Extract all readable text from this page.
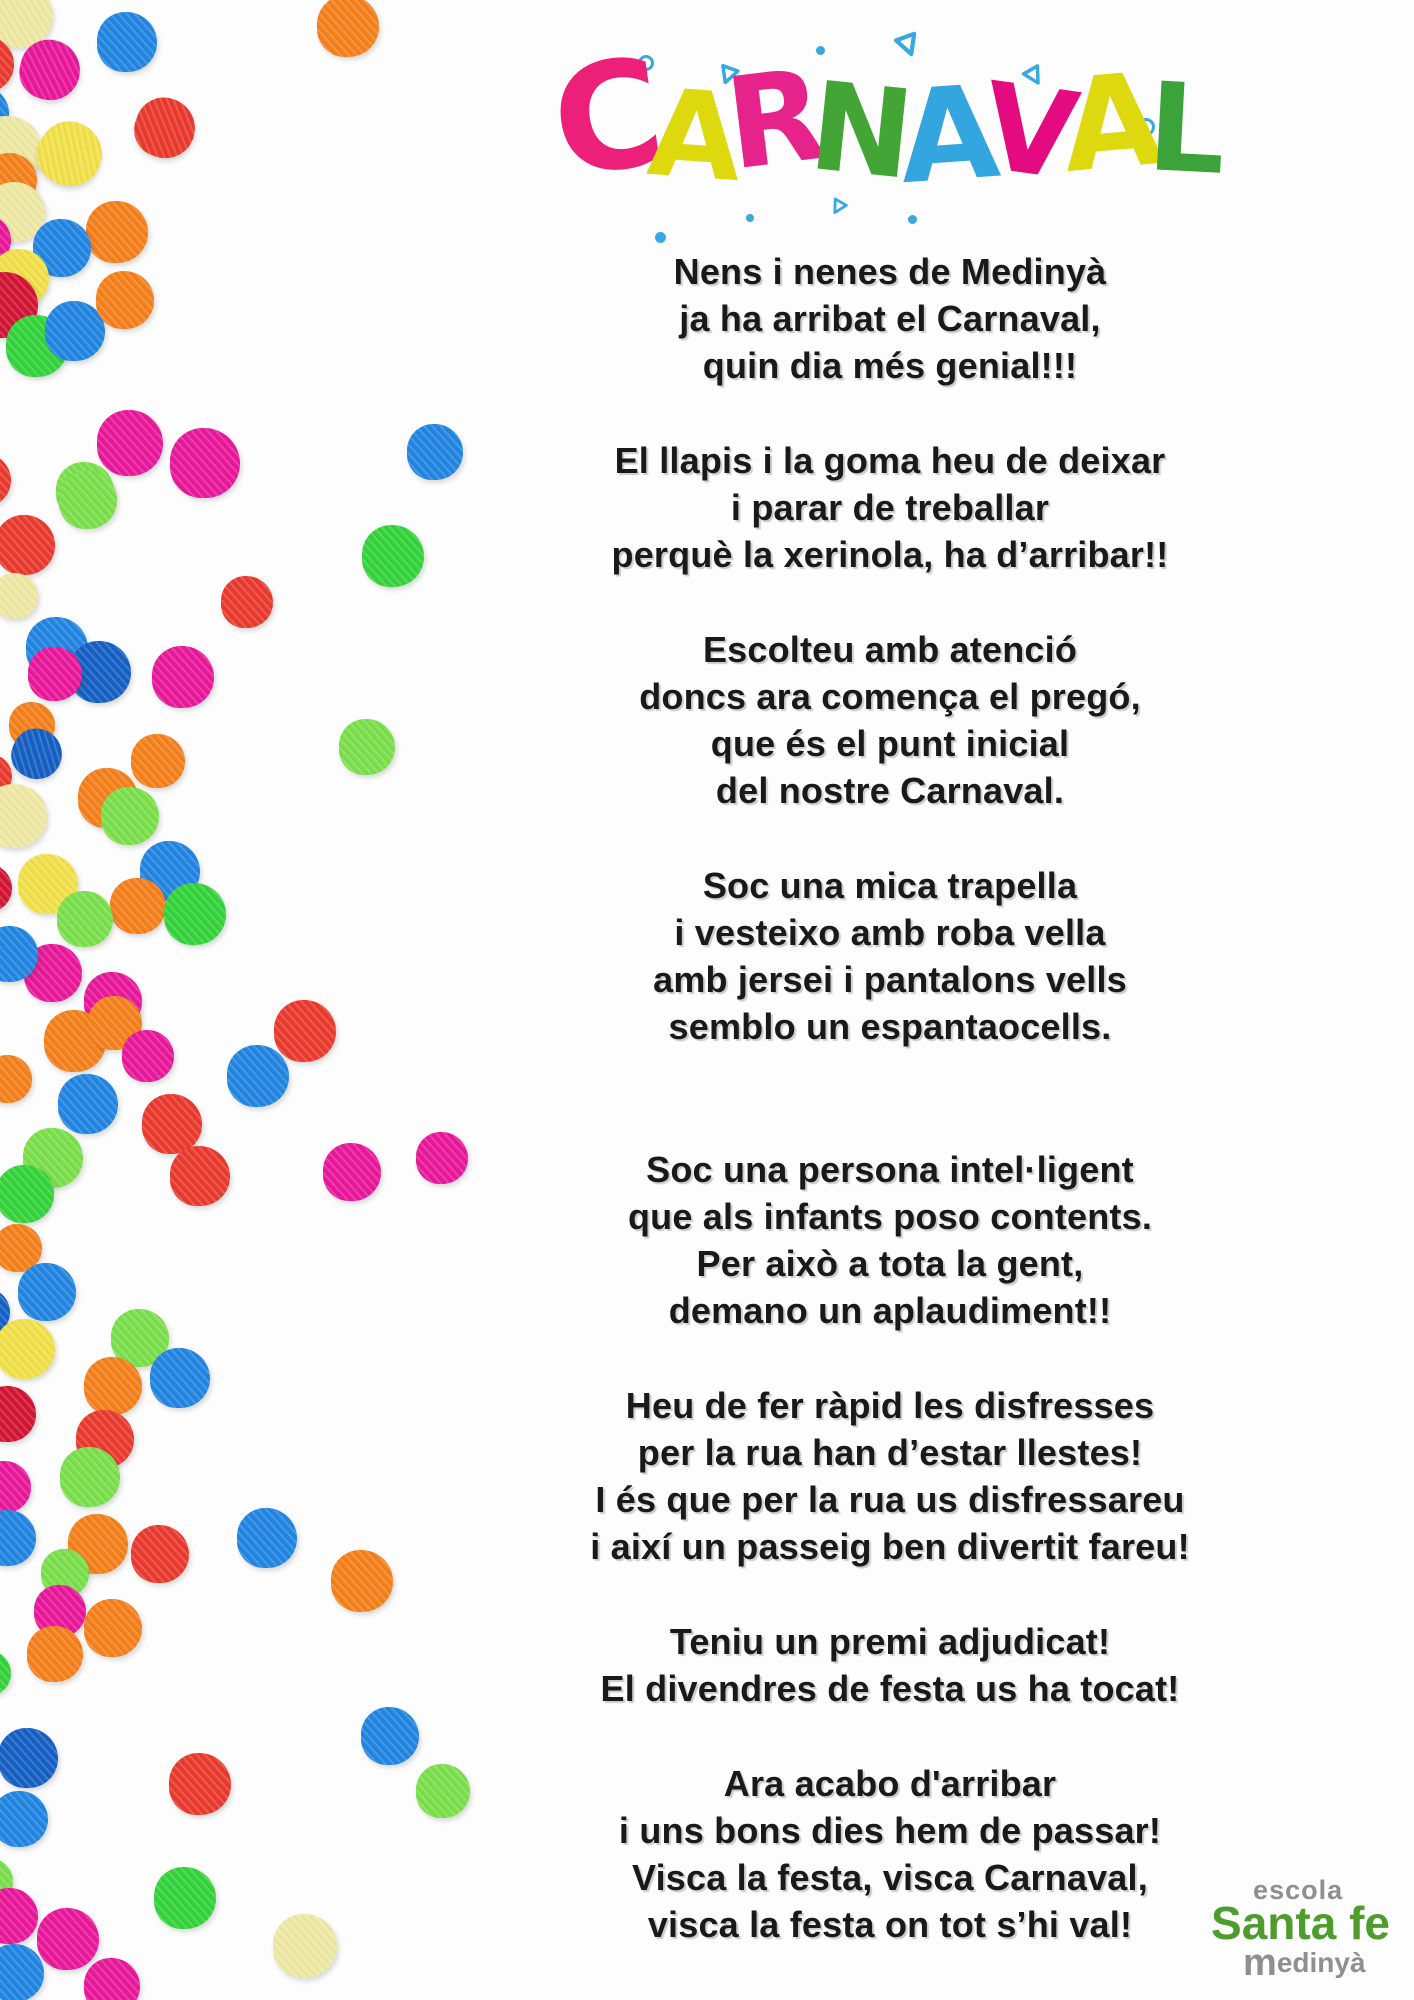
CARNAVAL
Nens i nenes de Medinyà
ja ha arribat el Carnaval,
quin dia més genial!!!
El llapis i la goma heu de deixar
i parar de treballar
perquè la xerinola, ha d’arribar!!
Escolteu amb atenció
doncs ara comença el pregó,
que és el punt inicial
del nostre Carnaval.
Soc una mica trapella
i vesteixo amb roba vella
amb jersei i pantalons vells
semblo un espantaocells.
Soc una persona intel·ligent
que als infants poso contents.
Per això a tota la gent,
demano un aplaudiment!!
Heu de fer ràpid les disfresses
per la rua han d’estar llestes!
I és que per la rua us disfressareu
i així un passeig ben divertit fareu!
Teniu un premi adjudicat!
El divendres de festa us ha tocat!
Ara acabo d'arribar
i uns bons dies hem de passar!
Visca la festa, visca Carnaval,
visca la festa on tot s’hi val!
escola
Santa fe
medinyà
